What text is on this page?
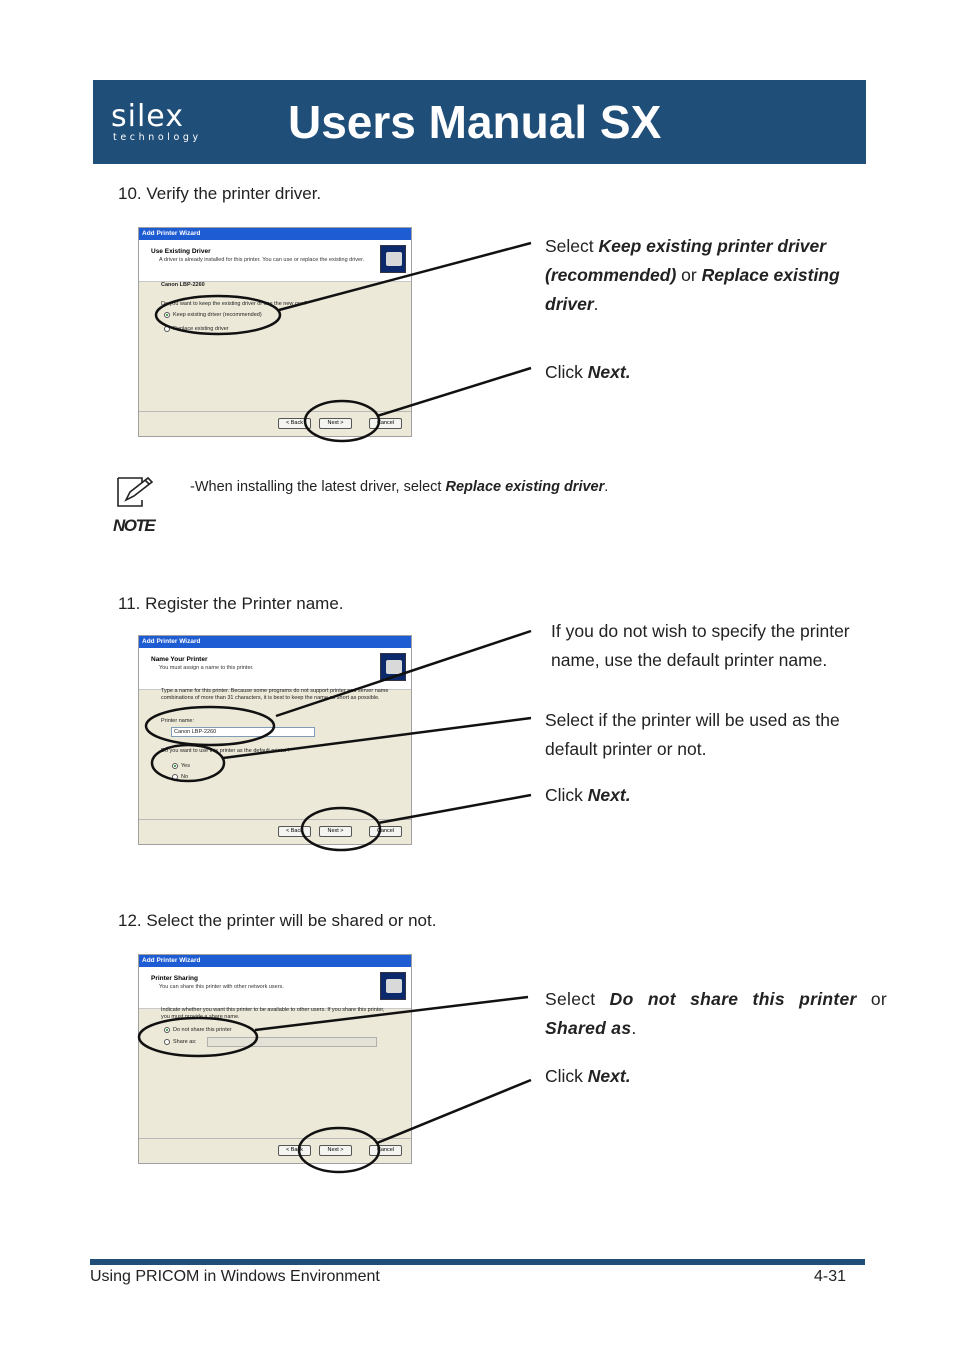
silex
technology Users Manual SX
10. Verify the printer driver.
Add Printer Wizard
Use Existing Driver
A driver is already installed for this printer. You can use or replace the existing driver.
Canon LBP-2260
Do you want to keep the existing driver or use the new one?
Keep existing driver (recommended)
Replace existing driver
< Back	Next >	Cancel
Select Keep existing printer driver (recommended) or Replace existing driver.
Click Next.
NOTE
-When installing the latest driver, select Replace existing driver.
11. Register the Printer name.
Add Printer Wizard
Name Your Printer
You must assign a name to this printer.
Type a name for this printer. Because some programs do not support printer and server name combinations of more than 31 characters, it is best to keep the name as short as possible.
Printer name:
Canon LBP-2260
Do you want to use this printer as the default printer?
Yes
No
< Back	Next >	Cancel
If you do not wish to specify the printer name, use the default printer name.
Select if the printer will be used as the default printer or not.
Click Next.
12. Select the printer will be shared or not.
Add Printer Wizard
Printer Sharing
You can share this printer with other network users.
Indicate whether you want this printer to be available to other users. If you share this printer, you must provide a share name.
Do not share this printer
Share as:
< Back	Next >	Cancel
Select Do not share this printer or Shared as.
Click Next.
Using PRICOM in Windows Environment	4-31
